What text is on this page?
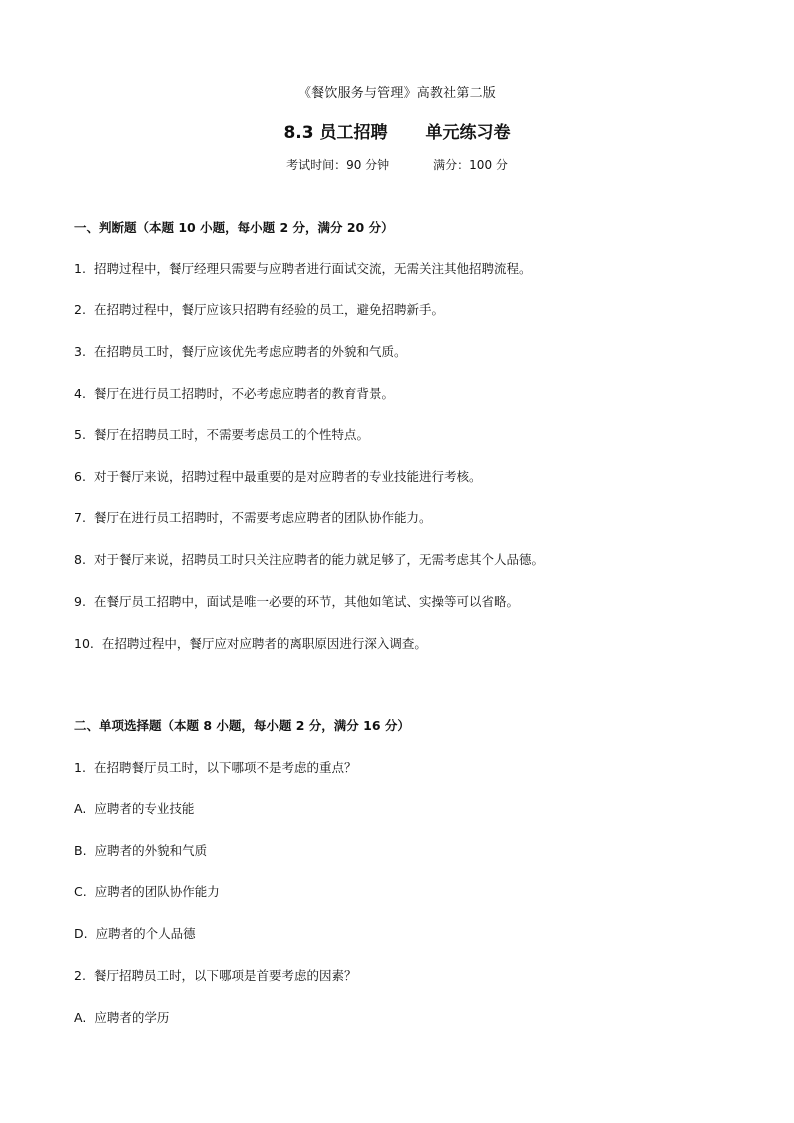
《餐饮服务与管理》高教社第二版
8.3 员工招聘 单元练习卷
考试时间：90 分钟	满分：100 分
一、判断题（本题 10 小题，每小题 2 分，满分 20 分）
1. 招聘过程中，餐厅经理只需要与应聘者进行面试交流，无需关注其他招聘流程。
2. 在招聘过程中，餐厅应该只招聘有经验的员工，避免招聘新手。
3. 在招聘员工时，餐厅应该优先考虑应聘者的外貌和气质。
4. 餐厅在进行员工招聘时，不必考虑应聘者的教育背景。
5. 餐厅在招聘员工时，不需要考虑员工的个性特点。
6. 对于餐厅来说，招聘过程中最重要的是对应聘者的专业技能进行考核。
7. 餐厅在进行员工招聘时，不需要考虑应聘者的团队协作能力。
8. 对于餐厅来说，招聘员工时只关注应聘者的能力就足够了，无需考虑其个人品德。
9. 在餐厅员工招聘中，面试是唯一必要的环节，其他如笔试、实操等可以省略。
10. 在招聘过程中，餐厅应对应聘者的离职原因进行深入调查。
二、单项选择题（本题 8 小题，每小题 2 分，满分 16 分）
1. 在招聘餐厅员工时，以下哪项不是考虑的重点？
A. 应聘者的专业技能
B. 应聘者的外貌和气质
C. 应聘者的团队协作能力
D. 应聘者的个人品德
2. 餐厅招聘员工时，以下哪项是首要考虑的因素？
A. 应聘者的学历
